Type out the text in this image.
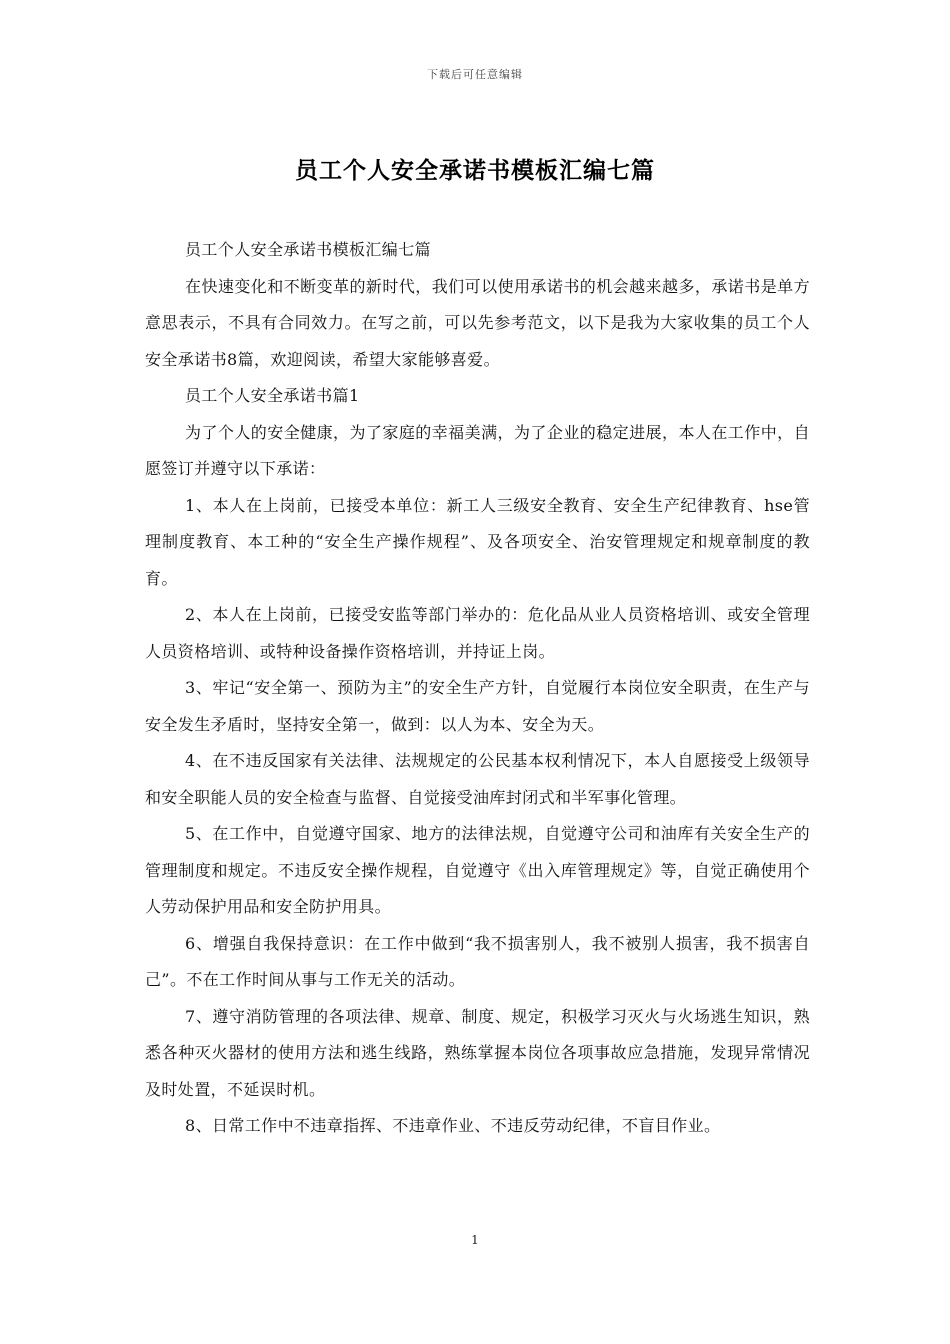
下载后可任意编辑
员工个人安全承诺书模板汇编七篇

员工个人安全承诺书模板汇编七篇

在快速变化和不断变革的新时代，我们可以使用承诺书的机会越来越多，承诺书是单方意思表示，不具有合同效力。在写之前，可以先参考范文，以下是我为大家收集的员工个人安全承诺书8篇，欢迎阅读，希望大家能够喜爱。

员工个人安全承诺书篇1

为了个人的安全健康，为了家庭的幸福美满，为了企业的稳定进展，本人在工作中，自愿签订并遵守以下承诺：

1、本人在上岗前，已接受本单位：新工人三级安全教育、安全生产纪律教育、hse管理制度教育、本工种的“安全生产操作规程”、及各项安全、治安管理规定和规章制度的教育。

2、本人在上岗前，已接受安监等部门举办的：危化品从业人员资格培训、或安全管理人员资格培训、或特种设备操作资格培训，并持证上岗。

3、牢记“安全第一、预防为主”的安全生产方针，自觉履行本岗位安全职责，在生产与安全发生矛盾时，坚持安全第一，做到：以人为本、安全为天。

4、在不违反国家有关法律、法规规定的公民基本权利情况下，本人自愿接受上级领导和安全职能人员的安全检查与监督、自觉接受油库封闭式和半军事化管理。

5、在工作中，自觉遵守国家、地方的法律法规，自觉遵守公司和油库有关安全生产的管理制度和规定。不违反安全操作规程，自觉遵守《出入库管理规定》等，自觉正确使用个人劳动保护用品和安全防护用具。

6、增强自我保持意识：在工作中做到“我不损害别人，我不被别人损害，我不损害自己”。不在工作时间从事与工作无关的活动。

7、遵守消防管理的各项法律、规章、制度、规定，积极学习灭火与火场逃生知识，熟悉各种灭火器材的使用方法和逃生线路，熟练掌握本岗位各项事故应急措施，发现异常情况及时处置，不延误时机。

8、日常工作中不违章指挥、不违章作业、不违反劳动纪律，不盲目作业。

1
